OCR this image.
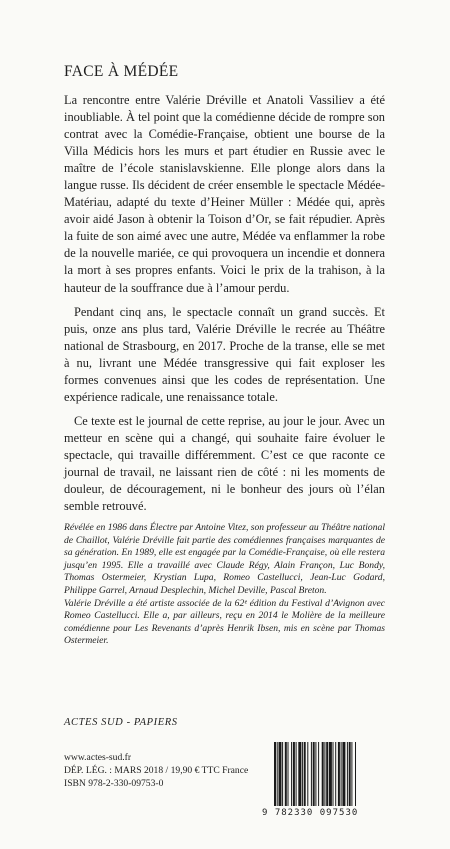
FACE À MÉDÉE

La rencontre entre Valérie Dréville et Anatoli Vassiliev a été inoubliable. À tel point que la comédienne décide de rompre son contrat avec la Comédie-Française, obtient une bourse de la Villa Médicis hors les murs et part étudier en Russie avec le maître de l’école stanislavskienne. Elle plonge alors dans la langue russe. Ils décident de créer ensemble le spectacle Médée-Matériau, adapté du texte d’Heiner Müller : Médée qui, après avoir aidé Jason à obtenir la Toison d’Or, se fait répudier. Après la fuite de son aimé avec une autre, Médée va enflammer la robe de la nouvelle mariée, ce qui provoquera un incendie et donnera la mort à ses propres enfants. Voici le prix de la trahison, à la hauteur de la souffrance due à l’amour perdu.

Pendant cinq ans, le spectacle connaît un grand succès. Et puis, onze ans plus tard, Valérie Dréville le recrée au Théâtre national de Strasbourg, en 2017. Proche de la transe, elle se met à nu, livrant une Médée transgressive qui fait exploser les formes convenues ainsi que les codes de représentation. Une expérience radicale, une renaissance totale.

Ce texte est le journal de cette reprise, au jour le jour. Avec un metteur en scène qui a changé, qui souhaite faire évoluer le spectacle, qui travaille différemment. C’est ce que raconte ce journal de travail, ne laissant rien de côté : ni les moments de douleur, de découragement, ni le bonheur des jours où l’élan semble retrouvé.

Révélée en 1986 dans Électre par Antoine Vitez, son professeur au Théâtre national de Chaillot, Valérie Dréville fait partie des comédiennes françaises marquantes de sa génération. En 1989, elle est engagée par la Comédie-Française, où elle restera jusqu’en 1995. Elle a travaillé avec Claude Régy, Alain Françon, Luc Bondy, Thomas Ostermeier, Krystian Lupa, Romeo Castellucci, Jean-Luc Godard, Philippe Garrel, Arnaud Desplechin, Michel Deville, Pascal Breton.

Valérie Dréville a été artiste associée de la 62ᵉ édition du Festival d’Avignon avec Romeo Castellucci. Elle a, par ailleurs, reçu en 2014 le Molière de la meilleure comédienne pour Les Revenants d’après Henrik Ibsen, mis en scène par Thomas Ostermeier.

ACTES SUD - PAPIERS
www.actes-sud.fr
DÉP. LÉG. : MARS 2018 / 19,90 € TTC France
ISBN 978-2-330-09753-0
9 782330 097530
